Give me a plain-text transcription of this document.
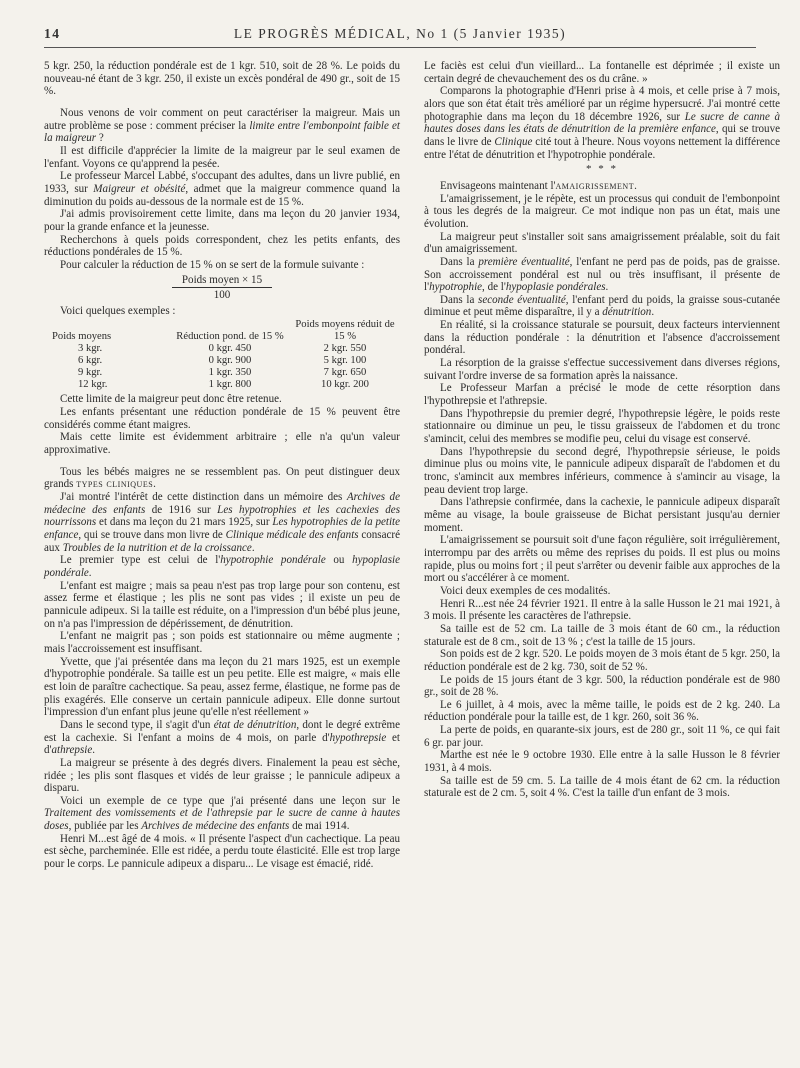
14	LE PROGRÈS MÉDICAL, No 1 (5 Janvier 1935)

5 kgr. 250, la réduction pondérale est de 1 kgr. 510, soit de 28 %. Le poids du nouveau-né étant de 3 kgr. 250, il existe un excès pondéral de 490 gr., soit de 15 %.

Nous venons de voir comment on peut caractériser la maigreur. Mais un autre problème se pose : comment préciser la limite entre l'embonpoint faible et la maigreur ?

Il est difficile d'apprécier la limite de la maigreur par le seul examen de l'enfant. Voyons ce qu'apprend la pesée.

Le professeur Marcel Labbé, s'occupant des adultes, dans un livre publié, en 1933, sur Maigreur et obésité, admet que la maigreur commence quand la diminution du poids au-dessous de la normale est de 15 %.

J'ai admis provisoirement cette limite, dans ma leçon du 20 janvier 1934, pour la grande enfance et la jeunesse.

Recherchons à quels poids correspondent, chez les petits enfants, des réductions pondérales de 15 %.

Pour calculer la réduction de 15 % on se sert de la formule suivante :

Poids moyen × 15
100

Voici quelques exemples :

Poids moyens	Réduction pond. de 15 %	Poids moyens réduit de 15 %
3 kgr.	0 kgr. 450	2 kgr. 550
6 kgr.	0 kgr. 900	5 kgr. 100
9 kgr.	1 kgr. 350	7 kgr. 650
12 kgr.	1 kgr. 800	10 kgr. 200

Cette limite de la maigreur peut donc être retenue.

Les enfants présentant une réduction pondérale de 15 % peuvent être considérés comme étant maigres.

Mais cette limite est évidemment arbitraire ; elle n'a qu'un valeur approximative.

Tous les bébés maigres ne se ressemblent pas. On peut distinguer deux grands types cliniques.

J'ai montré l'intérêt de cette distinction dans un mémoire des Archives de médecine des enfants de 1916 sur Les hypotrophies et les cachexies des nourrissons et dans ma leçon du 21 mars 1925, sur Les hypotrophies de la petite enfance, qui se trouve dans mon livre de Clinique médicale des enfants consacré aux Troubles de la nutrition et de la croissance.

Le premier type est celui de l'hypotrophie pondérale ou hypoplasie pondérale.

L'enfant est maigre ; mais sa peau n'est pas trop large pour son contenu, est assez ferme et élastique ; les plis ne sont pas vides ; il existe un peu de pannicule adipeux. Si la taille est réduite, on a l'impression d'un bébé plus jeune, on n'a pas l'impression de dépérissement, de dénutrition.

L'enfant ne maigrit pas ; son poids est stationnaire ou même augmente ; mais l'accroissement est insuffisant.

Yvette, que j'ai présentée dans ma leçon du 21 mars 1925, est un exemple d'hypotrophie pondérale. Sa taille est un peu petite. Elle est maigre, « mais elle est loin de paraître cachectique. Sa peau, assez ferme, élastique, ne forme pas de plis exagérés. Elle conserve un certain pannicule adipeux. Elle donne surtout l'impression d'un enfant plus jeune qu'elle n'est réellement »

Dans le second type, il s'agit d'un état de dénutrition, dont le degré extrême est la cachexie. Si l'enfant a moins de 4 mois, on parle d'hypothrepsie et d'athrepsie.

La maigreur se présente à des degrés divers. Finalement la peau est sèche, ridée ; les plis sont flasques et vidés de leur graisse ; le pannicule adipeux a disparu.

Voici un exemple de ce type que j'ai présenté dans une leçon sur le Traitement des vomissements et de l'athrepsie par le sucre de canne à hautes doses, publiée par les Archives de médecine des enfants de mai 1914.

Henri M...est âgé de 4 mois. « Il présente l'aspect d'un cachectique. La peau est sèche, parcheminée. Elle est ridée, a perdu toute élasticité. Elle est trop large pour le corps. Le pannicule adipeux a disparu... Le visage est émacié, ridé.

Le faciès est celui d'un vieillard... La fontanelle est déprimée ; il existe un certain degré de chevauchement des os du crâne. »

Comparons la photographie d'Henri prise à 4 mois, et celle prise à 7 mois, alors que son état était très amélioré par un régime hypersucré. J'ai montré cette photographie dans ma leçon du 18 décembre 1926, sur Le sucre de canne à hautes doses dans les états de dénutrition de la première enfance, qui se trouve dans le livre de Clinique cité tout à l'heure. Nous voyons nettement la différence entre l'état de dénutrition et l'hypotrophie pondérale.

* * *

Envisageons maintenant l'amaigrissement.

L'amaigrissement, je le répète, est un processus qui conduit de l'embonpoint à tous les degrés de la maigreur. Ce mot indique non pas un état, mais une évolution.

La maigreur peut s'installer soit sans amaigrissement préalable, soit du fait d'un amaigrissement.

Dans la première éventualité, l'enfant ne perd pas de poids, pas de graisse. Son accroissement pondéral est nul ou très insuffisant, il présente de l'hypotrophie, de l'hypoplasie pondérales.

Dans la seconde éventualité, l'enfant perd du poids, la graisse sous-cutanée diminue et peut même disparaître, il y a dénutrition.

En réalité, si la croissance staturale se poursuit, deux facteurs interviennent dans la réduction pondérale : la dénutrition et l'absence d'accroissement pondéral.

La résorption de la graisse s'effectue successivement dans diverses régions, suivant l'ordre inverse de sa formation après la naissance.

Le Professeur Marfan a précisé le mode de cette résorption dans l'hypothrepsie et l'athrepsie.

Dans l'hypothrepsie du premier degré, l'hypothrepsie légère, le poids reste stationnaire ou diminue un peu, le tissu graisseux de l'abdomen et du tronc s'amincit, celui des membres se modifie peu, celui du visage est conservé.

Dans l'hypothrepsie du second degré, l'hypothrepsie sérieuse, le poids diminue plus ou moins vite, le pannicule adipeux disparaît de l'abdomen et du tronc, s'amincit aux membres inférieurs, commence à s'amincir au visage, la peau devient trop large.

Dans l'athrepsie confirmée, dans la cachexie, le pannicule adipeux disparaît même au visage, la boule graisseuse de Bichat persistant jusqu'au dernier moment.

L'amaigrissement se poursuit soit d'une façon régulière, soit irrégulièrement, interrompu par des arrêts ou même des reprises du poids. Il est plus ou moins rapide, plus ou moins fort ; il peut s'arrêter ou devenir faible aux approches de la mort ou s'accélérer à ce moment.

Voici deux exemples de ces modalités.

Henri R...est née 24 février 1921. Il entre à la salle Husson le 21 mai 1921, à 3 mois. Il présente les caractères de l'athrepsie.

Sa taille est de 52 cm. La taille de 3 mois étant de 60 cm., la réduction staturale est de 8 cm., soit de 13 % ; c'est la taille de 15 jours.

Son poids est de 2 kgr. 520. Le poids moyen de 3 mois étant de 5 kgr. 250, la réduction pondérale est de 2 kg. 730, soit de 52 %.

Le poids de 15 jours étant de 3 kgr. 500, la réduction pondérale est de 980 gr., soit de 28 %.

Le 6 juillet, à 4 mois, avec la même taille, le poids est de 2 kg. 240. La réduction pondérale pour la taille est, de 1 kgr. 260, soit 36 %.

La perte de poids, en quarante-six jours, est de 280 gr., soit 11 %, ce qui fait 6 gr. par jour.

Marthe est née le 9 octobre 1930. Elle entre à la salle Husson le 8 février 1931, à 4 mois.

Sa taille est de 59 cm. 5. La taille de 4 mois étant de 62 cm. la réduction staturale est de 2 cm. 5, soit 4 %. C'est la taille d'un enfant de 3 mois.
